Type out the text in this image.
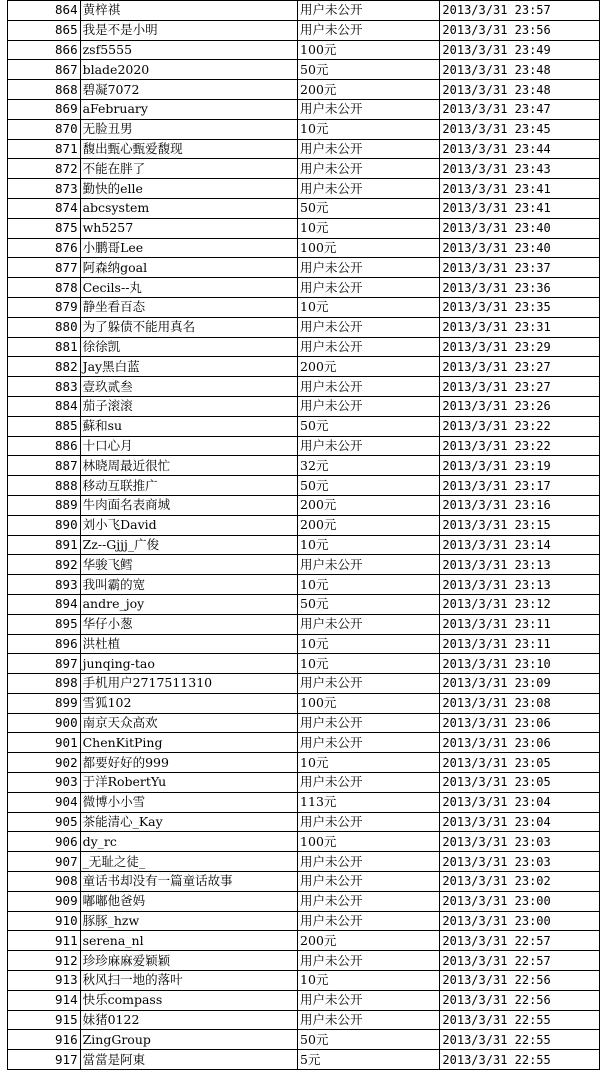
864	黄梓祺	用户未公开	2013/3/31 23:57
865	我是不是小明	用户未公开	2013/3/31 23:56
866	zsf5555	100元	2013/3/31 23:49
867	blade2020	50元	2013/3/31 23:48
868	碧凝7072	200元	2013/3/31 23:48
869	aFebruary	用户未公开	2013/3/31 23:47
870	无脸丑男	10元	2013/3/31 23:45
871	馥出甄心甄爱馥现	用户未公开	2013/3/31 23:44
872	不能在胖了	用户未公开	2013/3/31 23:43
873	勤快的elle	用户未公开	2013/3/31 23:41
874	abcsystem	50元	2013/3/31 23:41
875	wh5257	10元	2013/3/31 23:40
876	小鹏哥Lee	100元	2013/3/31 23:40
877	阿森纳goal	用户未公开	2013/3/31 23:37
878	Cecils--丸	用户未公开	2013/3/31 23:36
879	静坐看百态	10元	2013/3/31 23:35
880	为了躲债不能用真名	用户未公开	2013/3/31 23:31
881	徐徐凯	用户未公开	2013/3/31 23:29
882	Jay黑白蓝	200元	2013/3/31 23:27
883	壹玖贰叁	用户未公开	2013/3/31 23:27
884	茄子滚滚	用户未公开	2013/3/31 23:26
885	蘇和su	50元	2013/3/31 23:22
886	十口心月	用户未公开	2013/3/31 23:22
887	林晓周最近很忙	32元	2013/3/31 23:19
888	移动互联推广	50元	2013/3/31 23:17
889	牛肉面名表商城	200元	2013/3/31 23:16
890	刘小飞David	200元	2013/3/31 23:15
891	Zz--Gjjj_广俊	10元	2013/3/31 23:14
892	华骏飞鳕	用户未公开	2013/3/31 23:13
893	我叫霸的宽	10元	2013/3/31 23:13
894	andre_joy	50元	2013/3/31 23:12
895	华仔小葱	用户未公开	2013/3/31 23:11
896	洪杜植	10元	2013/3/31 23:11
897	junqing-tao	10元	2013/3/31 23:10
898	手机用户2717511310	用户未公开	2013/3/31 23:09
899	雪狐102	100元	2013/3/31 23:08
900	南京天众高欢	用户未公开	2013/3/31 23:06
901	ChenKitPing	用户未公开	2013/3/31 23:06
902	都要好好的999	10元	2013/3/31 23:05
903	于洋RobertYu	用户未公开	2013/3/31 23:05
904	微博小小雪	113元	2013/3/31 23:04
905	茶能清心_Kay	用户未公开	2013/3/31 23:04
906	dy_rc	100元	2013/3/31 23:03
907	_无耻之徒_	用户未公开	2013/3/31 23:03
908	童话书却没有一篇童话故事	用户未公开	2013/3/31 23:02
909	嘟嘟他爸妈	用户未公开	2013/3/31 23:00
910	豚豚_hzw	用户未公开	2013/3/31 23:00
911	serena_nl	200元	2013/3/31 22:57
912	珍珍麻麻爱颖颖	用户未公开	2013/3/31 22:57
913	秋风扫一地的落叶	10元	2013/3/31 22:56
914	快乐compass	用户未公开	2013/3/31 22:56
915	妹猪0122	用户未公开	2013/3/31 22:55
916	ZingGroup	50元	2013/3/31 22:55
917	當當是阿東	5元	2013/3/31 22:55
